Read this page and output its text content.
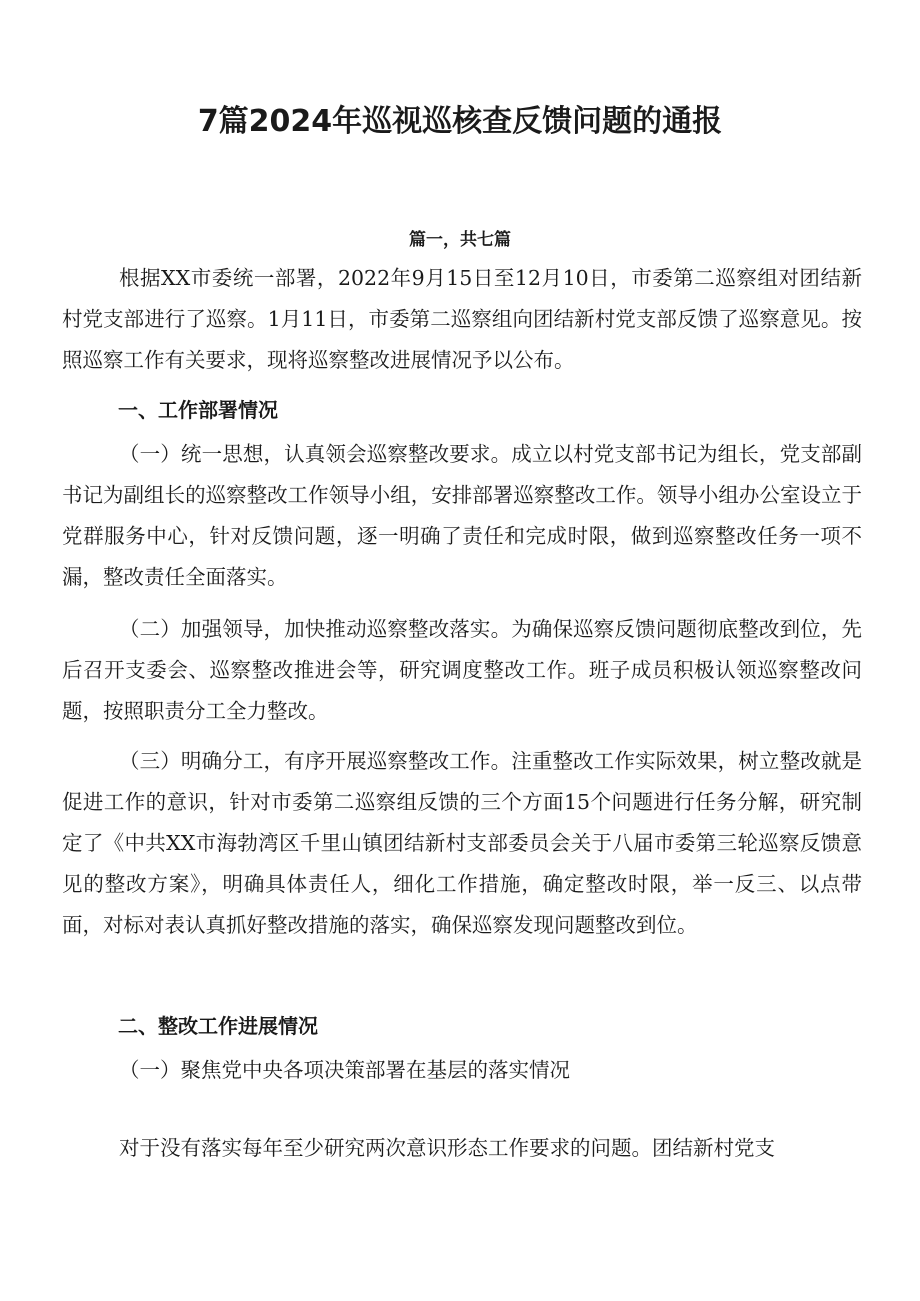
7篇2024年巡视巡核查反馈问题的通报
篇一，共七篇

根据XX市委统一部署，2022年9月15日至12月10日，市委第二巡察组对团结新村党支部进行了巡察。1月11日，市委第二巡察组向团结新村党支部反馈了巡察意见。按照巡察工作有关要求，现将巡察整改进展情况予以公布。

一、工作部署情况

（一）统一思想，认真领会巡察整改要求。成立以村党支部书记为组长，党支部副书记为副组长的巡察整改工作领导小组，安排部署巡察整改工作。领导小组办公室设立于党群服务中心，针对反馈问题，逐一明确了责任和完成时限，做到巡察整改任务一项不漏，整改责任全面落实。

（二）加强领导，加快推动巡察整改落实。为确保巡察反馈问题彻底整改到位，先后召开支委会、巡察整改推进会等，研究调度整改工作。班子成员积极认领巡察整改问题，按照职责分工全力整改。

（三）明确分工，有序开展巡察整改工作。注重整改工作实际效果，树立整改就是促进工作的意识，针对市委第二巡察组反馈的三个方面15个问题进行任务分解，研究制定了《中共XX市海勃湾区千里山镇团结新村支部委员会关于八届市委第三轮巡察反馈意见的整改方案》，明确具体责任人，细化工作措施，确定整改时限，举一反三、以点带面，对标对表认真抓好整改措施的落实，确保巡察发现问题整改到位。

二、整改工作进展情况

（一）聚焦党中央各项决策部署在基层的落实情况

对于没有落实每年至少研究两次意识形态工作要求的问题。团结新村党支
